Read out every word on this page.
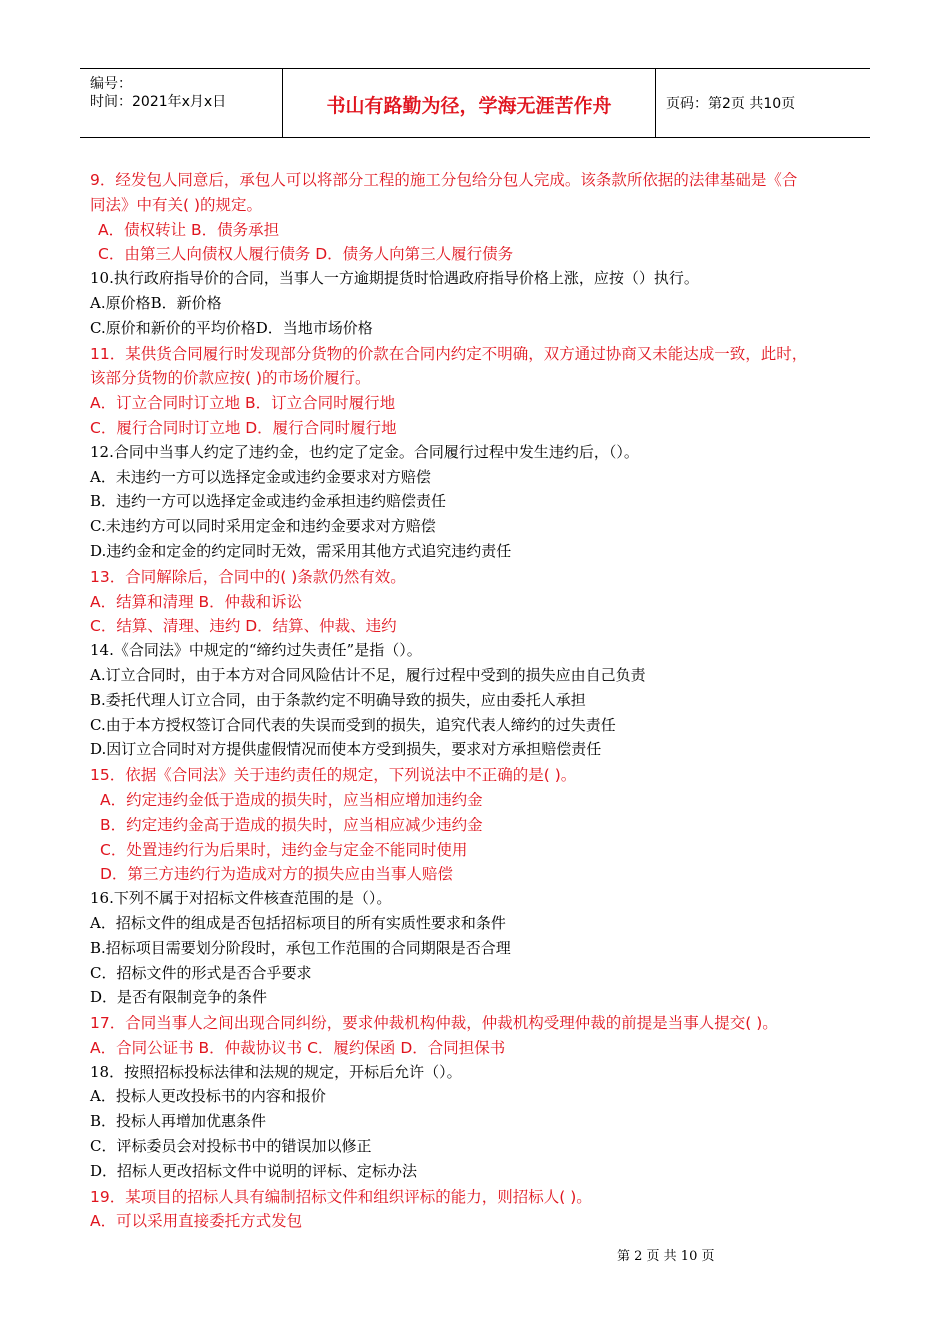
编号：
时间：2021年x月x日	书山有路勤为径，学海无涯苦作舟	页码：第2页 共10页
9．经发包人同意后，承包人可以将部分工程的施工分包给分包人完成。该条款所依据的法律基础是《合
同法》中有关( )的规定。
A．债权转让 B．债务承担
C．由第三人向债权人履行债务 D．债务人向第三人履行债务
10.执行政府指导价的合同，当事人一方逾期提货时恰遇政府指导价格上涨，应按（）执行。
A.原价格B．新价格
C.原价和新价的平均价格D．当地市场价格
11．某供货合同履行时发现部分货物的价款在合同内约定不明确，双方通过协商又未能达成一致，此时，
该部分货物的价款应按( )的市场价履行。
A．订立合同时订立地 B．订立合同时履行地
C．履行合同时订立地 D．履行合同时履行地
12.合同中当事人约定了违约金，也约定了定金。合同履行过程中发生违约后，（）。
A．未违约一方可以选择定金或违约金要求对方赔偿
B．违约一方可以选择定金或违约金承担违约赔偿责任
C.未违约方可以同时采用定金和违约金要求对方赔偿
D.违约金和定金的约定同时无效，需采用其他方式追究违约责任
13．合同解除后，合同中的( )条款仍然有效。
A．结算和清理 B．仲裁和诉讼
C．结算、清理、违约 D．结算、仲裁、违约
14.《合同法》中规定的“缔约过失责任”是指（）。
A.订立合同时，由于本方对合同风险估计不足，履行过程中受到的损失应由自己负责
B.委托代理人订立合同，由于条款约定不明确导致的损失，应由委托人承担
C.由于本方授权签订合同代表的失误而受到的损失，追究代表人缔约的过失责任
D.因订立合同时对方提供虚假情况而使本方受到损失，要求对方承担赔偿责任
15．依据《合同法》关于违约责任的规定，下列说法中不正确的是( )。
A．约定违约金低于造成的损失时，应当相应增加违约金
B．约定违约金高于造成的损失时，应当相应减少违约金
C．处置违约行为后果时，违约金与定金不能同时使用
D．第三方违约行为造成对方的损失应由当事人赔偿
16.下列不属于对招标文件核查范围的是（）。
A．招标文件的组成是否包括招标项目的所有实质性要求和条件
B.招标项目需要划分阶段时，承包工作范围的合同期限是否合理
C．招标文件的形式是否合乎要求
D．是否有限制竞争的条件
17．合同当事人之间出现合同纠纷，要求仲裁机构仲裁，仲裁机构受理仲裁的前提是当事人提交( )。
A．合同公证书 B．仲裁协议书 C．履约保函 D．合同担保书
18．按照招标投标法律和法规的规定，开标后允许（）。
A．投标人更改投标书的内容和报价
B．投标人再增加优惠条件
C．评标委员会对投标书中的错误加以修正
D．招标人更改招标文件中说明的评标、定标办法
19．某项目的招标人具有编制招标文件和组织评标的能力，则招标人( )。
A．可以采用直接委托方式发包
第 2 页 共 10 页
